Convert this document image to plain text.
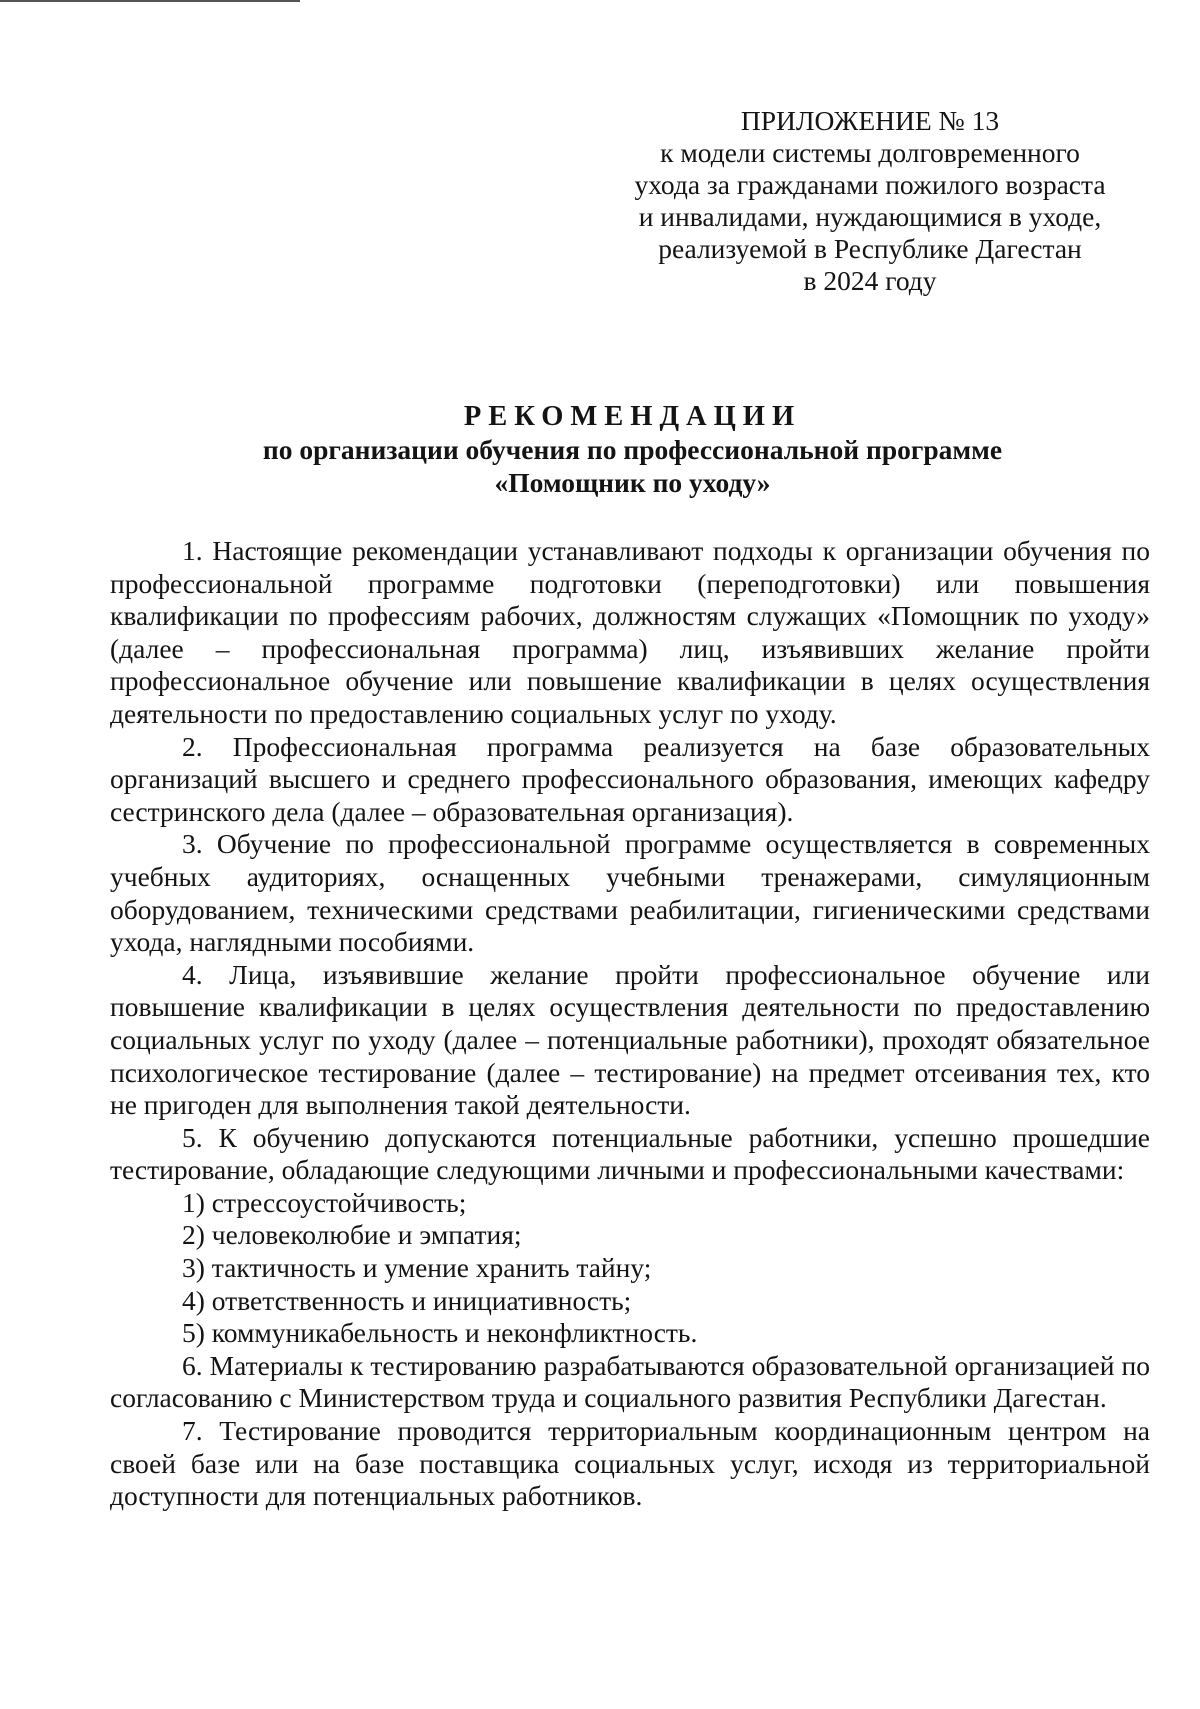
ПРИЛОЖЕНИЕ № 13
к модели системы долговременного
ухода за гражданами пожилого возраста
и инвалидами, нуждающимися в уходе,
реализуемой в Республике Дагестан
в 2024 году
РЕКОМЕНДАЦИИ
по организации обучения по профессиональной программе
«Помощник по уходу»

1. Настоящие рекомендации устанавливают подходы к организации обучения по профессиональной программе подготовки (переподготовки) или повышения квалификации по профессиям рабочих, должностям служащих «Помощник по уходу» (далее – профессиональная программа) лиц, изъявивших желание пройти профессиональное обучение или повышение квалификации в целях осуществления деятельности по предоставлению социальных услуг по уходу.

2. Профессиональная программа реализуется на базе образовательных организаций высшего и среднего профессионального образования, имеющих кафедру сестринского дела (далее – образовательная организация).

3. Обучение по профессиональной программе осуществляется в современных учебных аудиториях, оснащенных учебными тренажерами, симуляционным оборудованием, техническими средствами реабилитации, гигиеническими средствами ухода, наглядными пособиями.

4. Лица, изъявившие желание пройти профессиональное обучение или повышение квалификации в целях осуществления деятельности по предоставлению социальных услуг по уходу (далее – потенциальные работники), проходят обязательное психологическое тестирование (далее – тестирование) на предмет отсеивания тех, кто не пригоден для выполнения такой деятельности.

5. К обучению допускаются потенциальные работники, успешно прошедшие тестирование, обладающие следующими личными и профессиональными качествами:

1) стрессоустойчивость;

2) человеколюбие и эмпатия;

3) тактичность и умение хранить тайну;

4) ответственность и инициативность;

5) коммуникабельность и неконфликтность.

6. Материалы к тестированию разрабатываются образовательной организацией по согласованию с Министерством труда и социального развития Республики Дагестан.

7. Тестирование проводится территориальным координационным центром на своей базе или на базе поставщика социальных услуг, исходя из территориальной доступности для потенциальных работников.
